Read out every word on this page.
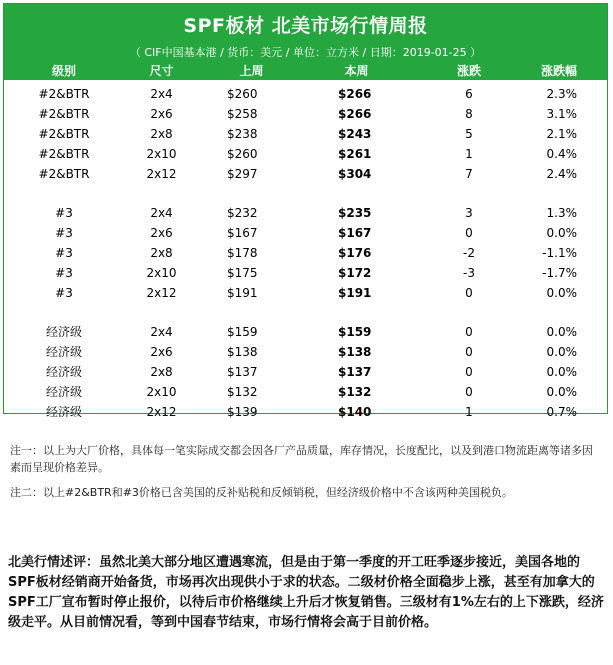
SPF板材 北美市场行情周报
（ CIF中国基本港 / 货币：美元 / 单位：立方米 / 日期：2019-01-25 ）
级别	尺寸	上周	本周	涨跌	涨跌幅
#2&BTR	2x4	$260	$266	6	2.3%
#2&BTR	2x6	$258	$266	8	3.1%
#2&BTR	2x8	$238	$243	5	2.1%
#2&BTR	2x10	$260	$261	1	0.4%
#2&BTR	2x12	$297	$304	7	2.4%
#3	2x4	$232	$235	3	1.3%
#3	2x6	$167	$167	0	0.0%
#3	2x8	$178	$176	-2	-1.1%
#3	2x10	$175	$172	-3	-1.7%
#3	2x12	$191	$191	0	0.0%
经济级	2x4	$159	$159	0	0.0%
经济级	2x6	$138	$138	0	0.0%
经济级	2x8	$137	$137	0	0.0%
经济级	2x10	$132	$132	0	0.0%
经济级	2x12	$139	$140	1	0.7%
注一：以上为大厂价格，具体每一笔实际成交都会因各厂产品质量，库存情况，长度配比，以及到港口物流距离等诸多因素而呈现价格差异。
注二：以上#2&BTR和#3价格已含美国的反补贴税和反倾销税，但经济级价格中不含该两种美国税负。
北美行情述评：虽然北美大部分地区遭遇寒流，但是由于第一季度的开工旺季逐步接近，美国各地的SPF板材经销商开始备货，市场再次出现供小于求的状态。二级材价格全面稳步上涨，甚至有加拿大的SPF工厂宣布暂时停止报价，以待后市价格继续上升后才恢复销售。三级材有1%左右的上下涨跌，经济级走平。从目前情况看，等到中国春节结束，市场行情将会高于目前价格。
